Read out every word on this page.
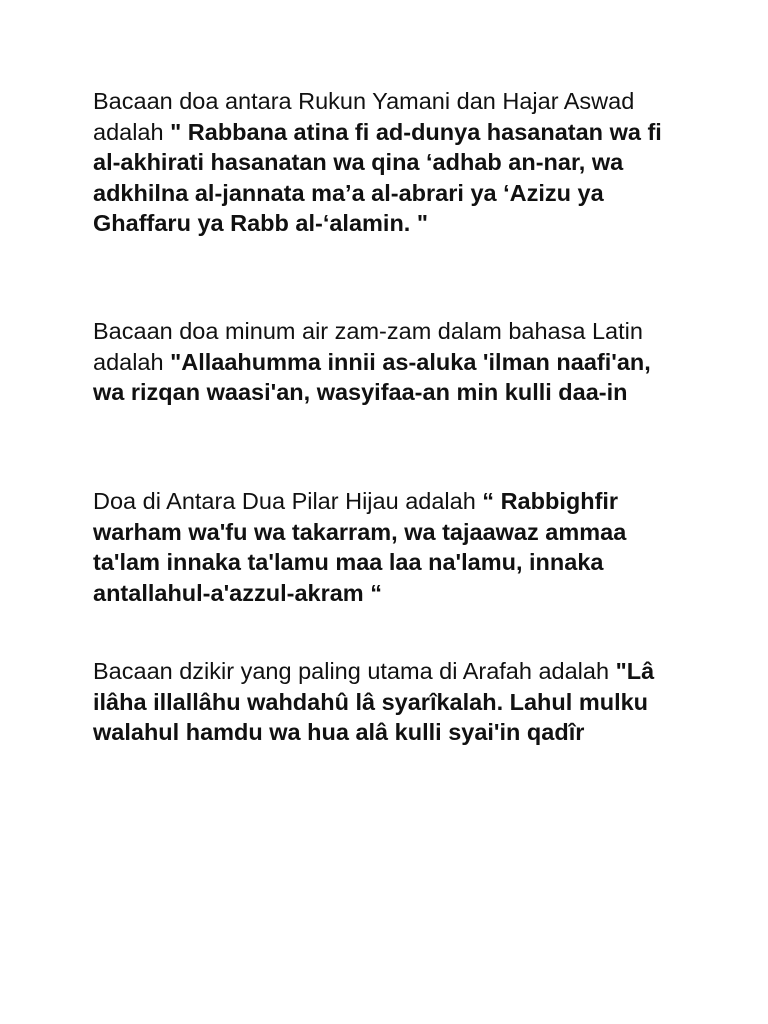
Bacaan doa antara Rukun Yamani dan Hajar Aswad adalah " Rabbana atina fi ad-dunya hasanatan wa fi al-akhirati hasanatan wa qina ‘adhab an-nar, wa adkhilna al-jannata ma’a al-abrari ya ‘Azizu ya Ghaffaru ya Rabb al-‘alamin. "

Bacaan doa minum air zam-zam dalam bahasa Latin adalah "Allaahumma innii as-aluka 'ilman naafi'an, wa rizqan waasi'an, wasyifaa-an min kulli daa-in

Doa di Antara Dua Pilar Hijau adalah “ Rabbighfir warham wa'fu wa takarram, wa tajaawaz ammaa ta'lam innaka ta'lamu maa laa na'lamu, innaka antallahul-a'azzul-akram “

Bacaan dzikir yang paling utama di Arafah adalah "Lâ ilâha illallâhu wahdahû lâ syarîkalah. Lahul mulku walahul hamdu wa hua alâ kulli syai'in qadîr
